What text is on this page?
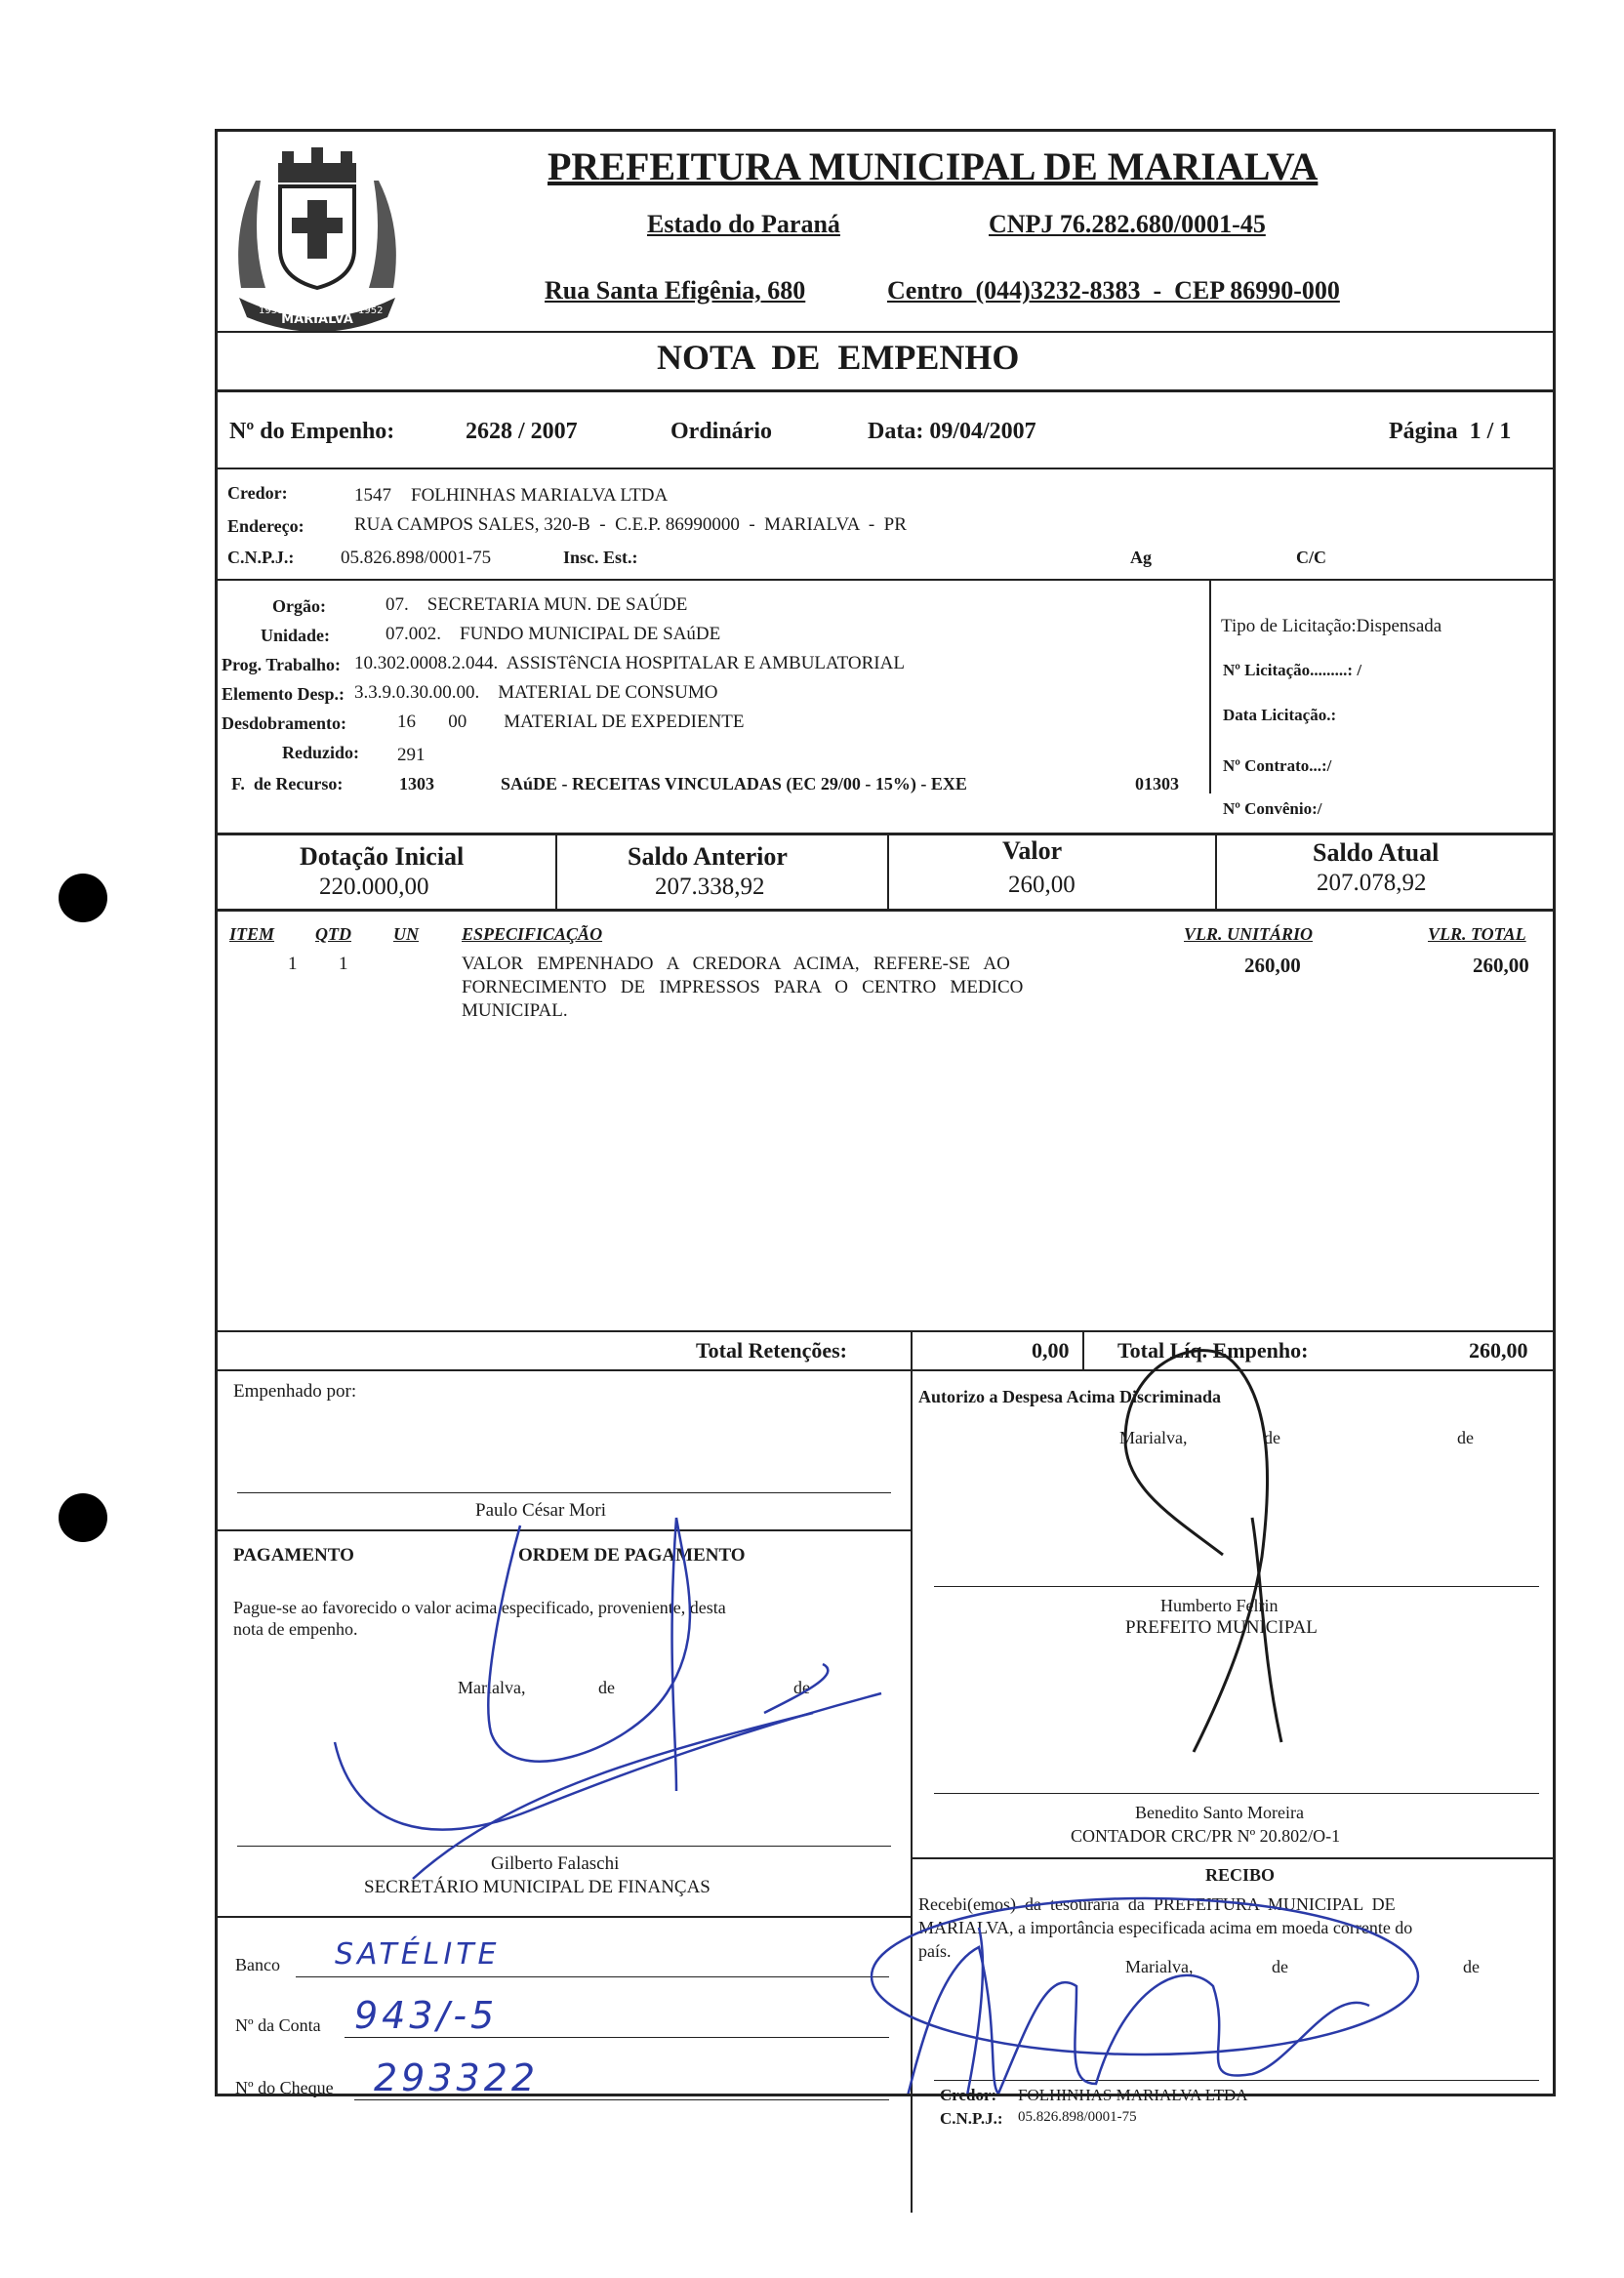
MARIALVA
1951	1952
PREFEITURA MUNICIPAL DE MARIALVA
Estado do Paraná	CNPJ 76.282.680/0001-45
Rua Santa Efigênia, 680	Centro  (044)3232-8383  -  CEP 86990-000
NOTA  DE  EMPENHO
Nº do Empenho:	2628 / 2007	Ordinário	Data: 09/04/2007	Página  1 / 1
Credor:	1547 FOLHINHAS MARIALVA LTDA
Endereço:	RUA CAMPOS SALES, 320-B  -  C.E.P. 86990000  -  MARIALVA  -  PR
C.N.P.J.:	05.826.898/0001-75	Insc. Est.:	Ag	C/C
Orgão:	07.    SECRETARIA MUN. DE SAÚDE
Unidade:	07.002.    FUNDO MUNICIPAL DE SAúDE
Prog. Trabalho: 10.302.0008.2.044.  ASSISTêNCIA HOSPITALAR E AMBULATORIAL
Elemento Desp.: 3.3.9.0.30.00.00.    MATERIAL DE CONSUMO
Desdobramento:	16       00        MATERIAL DE EXPEDIENTE
Reduzido: 291
F.  de Recurso:	1303	SAúDE - RECEITAS VINCULADAS (EC 29/00 - 15%) - EXE	01303
Tipo de Licitação:Dispensada
Nº Licitação.........: /
Data Licitação.:
Nº Contrato...:/
Nº Convênio:/
Dotação Inicial
220.000,00
Saldo Anterior
207.338,92
Valor
260,00
Saldo Atual
207.078,92
ITEM QTD UN ESPECIFICAÇÃO	VLR. UNITÁRIO	VLR. TOTAL
1 1	VALOR   EMPENHADO   A   CREDORA   ACIMA,   REFERE-SE   AO
FORNECIMENTO   DE   IMPRESSOS   PARA   O   CENTRO   MEDICO
MUNICIPAL.
260,00	260,00
Total Retenções:	0,00 Total Líq. Empenho:	260,00
Empenhado por:
Paulo César Mori
PAGAMENTO	ORDEM DE PAGAMENTO
Pague-se ao favorecido o valor acima especificado, proveniente, desta
nota de empenho.
Marialva,	de	de
Gilberto Falaschi
SECRETÁRIO MUNICIPAL DE FINANÇAS
Banco SATÉLITE
Nº da Conta 943/-5
Nº do Cheque 293322
Autorizo a Despesa Acima Discriminada
Marialva,	de	de
Humberto Felrin
PREFEITO MUNICIPAL
Benedito Santo Moreira
CONTADOR CRC/PR Nº 20.802/O-1
RECIBO
Recebi(emos)  da  tesouraria  da  PREFEITURA  MUNICIPAL  DE
MARIALVA, a importância especificada acima em moeda corrente do
país.
Marialva,	de	de
Credor: FOLHINHAS MARIALVA LTDA
C.N.P.J.: 05.826.898/0001-75
